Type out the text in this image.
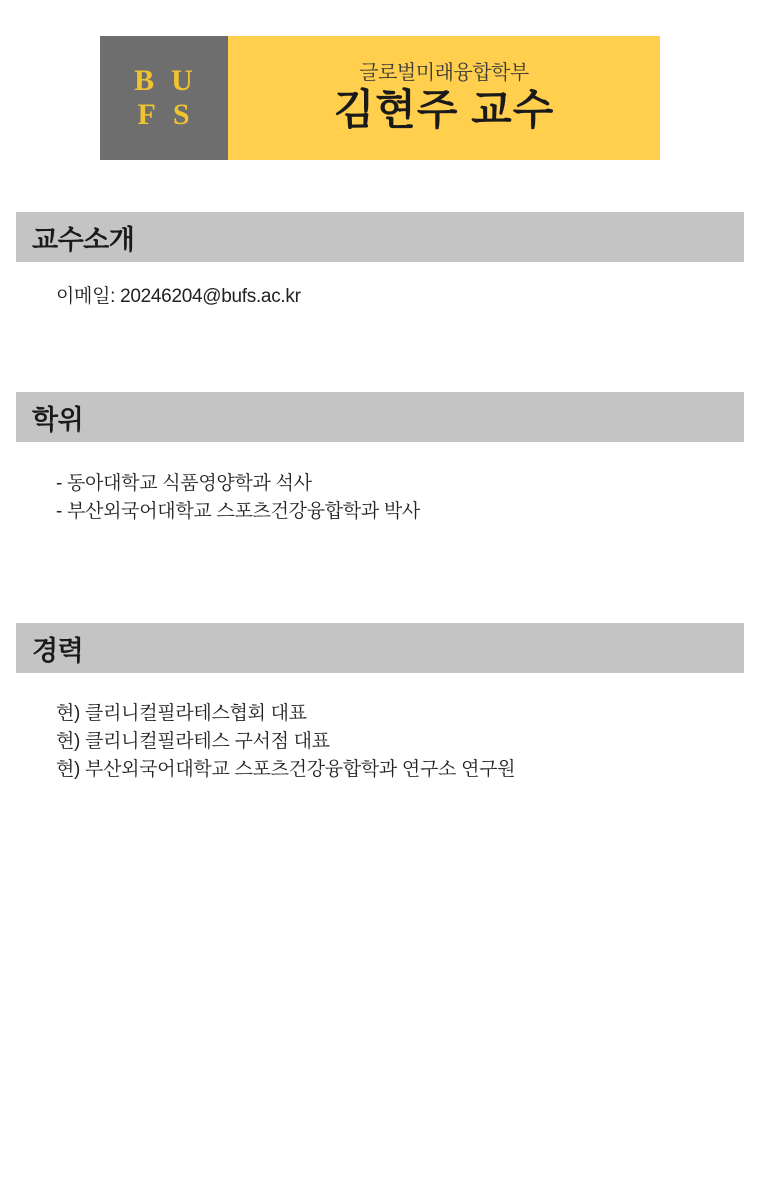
B U
F S
글로벌미래융합학부
김현주 교수
교수소개
이메일: 20246204@bufs.ac.kr
학위
- 동아대학교 식품영양학과 석사
- 부산외국어대학교 스포츠건강융합학과 박사
경력
현) 클리니컬필라테스협회 대표
현) 클리니컬필라테스 구서점 대표
현) 부산외국어대학교 스포츠건강융합학과 연구소 연구원
